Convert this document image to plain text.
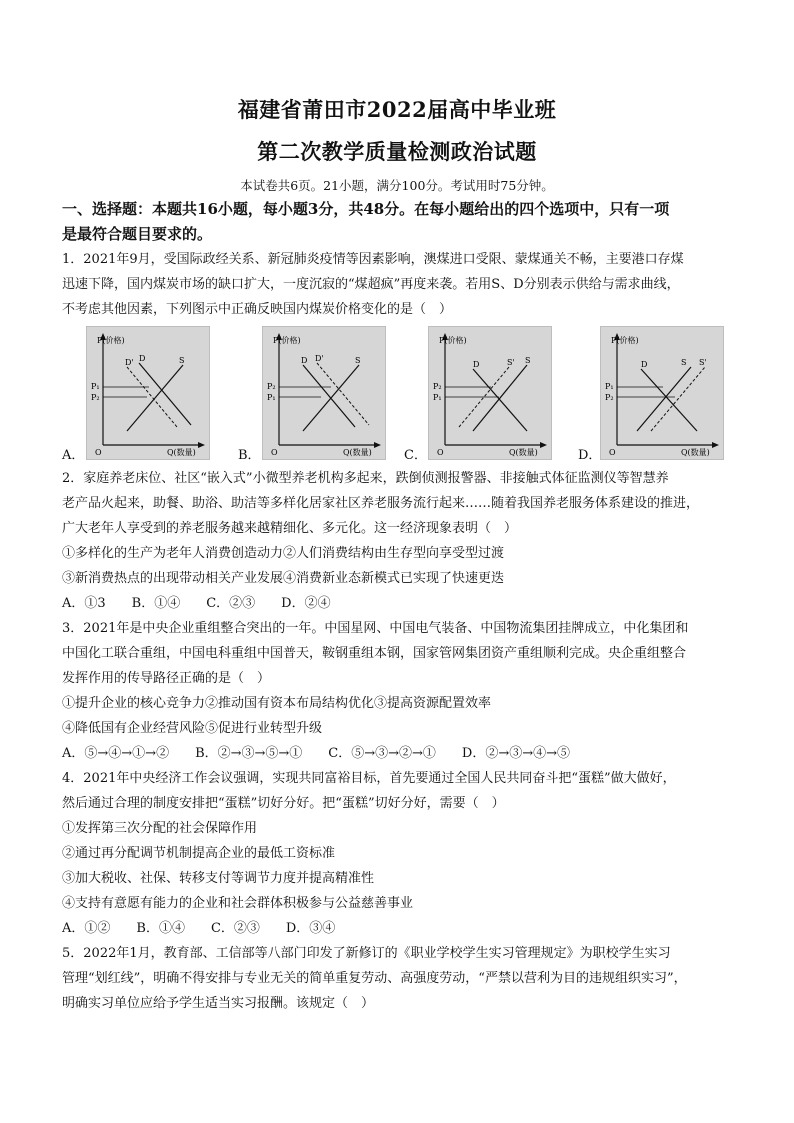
福建省莆田市2022届高中毕业班
第二次教学质量检测政治试题
本试卷共6页。21小题，满分100分。考试用时75分钟。
一、选择题：本题共16小题，每小题3分，共48分。在每小题给出的四个选项中，只有一项
是最符合题目要求的。
1．2021年9月，受国际政经关系、新冠肺炎疫情等因素影响，澳煤进口受限、蒙煤通关不畅，主要港口存煤
迅速下降，国内煤炭市场的缺口扩大，一度沉寂的“煤超疯”再度来袭。若用S、D分别表示供给与需求曲线，
不考虑其他因素，下列图示中正确反映国内煤炭价格变化的是（　）
A．
P(价格)
Q(数量)
O
P₁
P₂
D' D	S
B．
P(价格)
Q(数量)
O
P₂
P₁
D D'	S
C．
P(价格)
Q(数量)
O
P₂
P₁
D	S' S
D．
P(价格)
Q(数量)
O
P₁
P₂
D	S S'
2．家庭养老床位、社区“嵌入式”小微型养老机构多起来，跌倒侦测报警器、非接触式体征监测仪等智慧养
老产品火起来，助餐、助浴、助洁等多样化居家社区养老服务流行起来……随着我国养老服务体系建设的推进，
广大老年人享受到的养老服务越来越精细化、多元化。这一经济现象表明（　）
①多样化的生产为老年人消费创造动力②人们消费结构由生存型向享受型过渡
③新消费热点的出现带动相关产业发展④消费新业态新模式已实现了快速更迭
A．①3　　B．①④　　C．②③　　D．②④
3．2021年是中央企业重组整合突出的一年。中国星网、中国电气装备、中国物流集团挂牌成立，中化集团和
中国化工联合重组，中国电科重组中国普天，鞍钢重组本钢，国家管网集团资产重组顺利完成。央企重组整合
发挥作用的传导路径正确的是（　）
①提升企业的核心竞争力②推动国有资本布局结构优化③提高资源配置效率
④降低国有企业经营风险⑤促进行业转型升级
A．⑤→④→①→②　　B．②→③→⑤→①　　C．⑤→③→②→①　　D．②→③→④→⑤
4．2021年中央经济工作会议强调，实现共同富裕目标，首先要通过全国人民共同奋斗把“蛋糕”做大做好，
然后通过合理的制度安排把“蛋糕”切好分好。把“蛋糕”切好分好，需要（　）
①发挥第三次分配的社会保障作用
②通过再分配调节机制提高企业的最低工资标准
③加大税收、社保、转移支付等调节力度并提高精准性
④支持有意愿有能力的企业和社会群体积极参与公益慈善事业
A．①②　　B．①④　　C．②③　　D．③④
5．2022年1月，教育部、工信部等八部门印发了新修订的《职业学校学生实习管理规定》为职校学生实习
管理“划红线”，明确不得安排与专业无关的简单重复劳动、高强度劳动，“严禁以营利为目的违规组织实习”，
明确实习单位应给予学生适当实习报酬。该规定（　）
